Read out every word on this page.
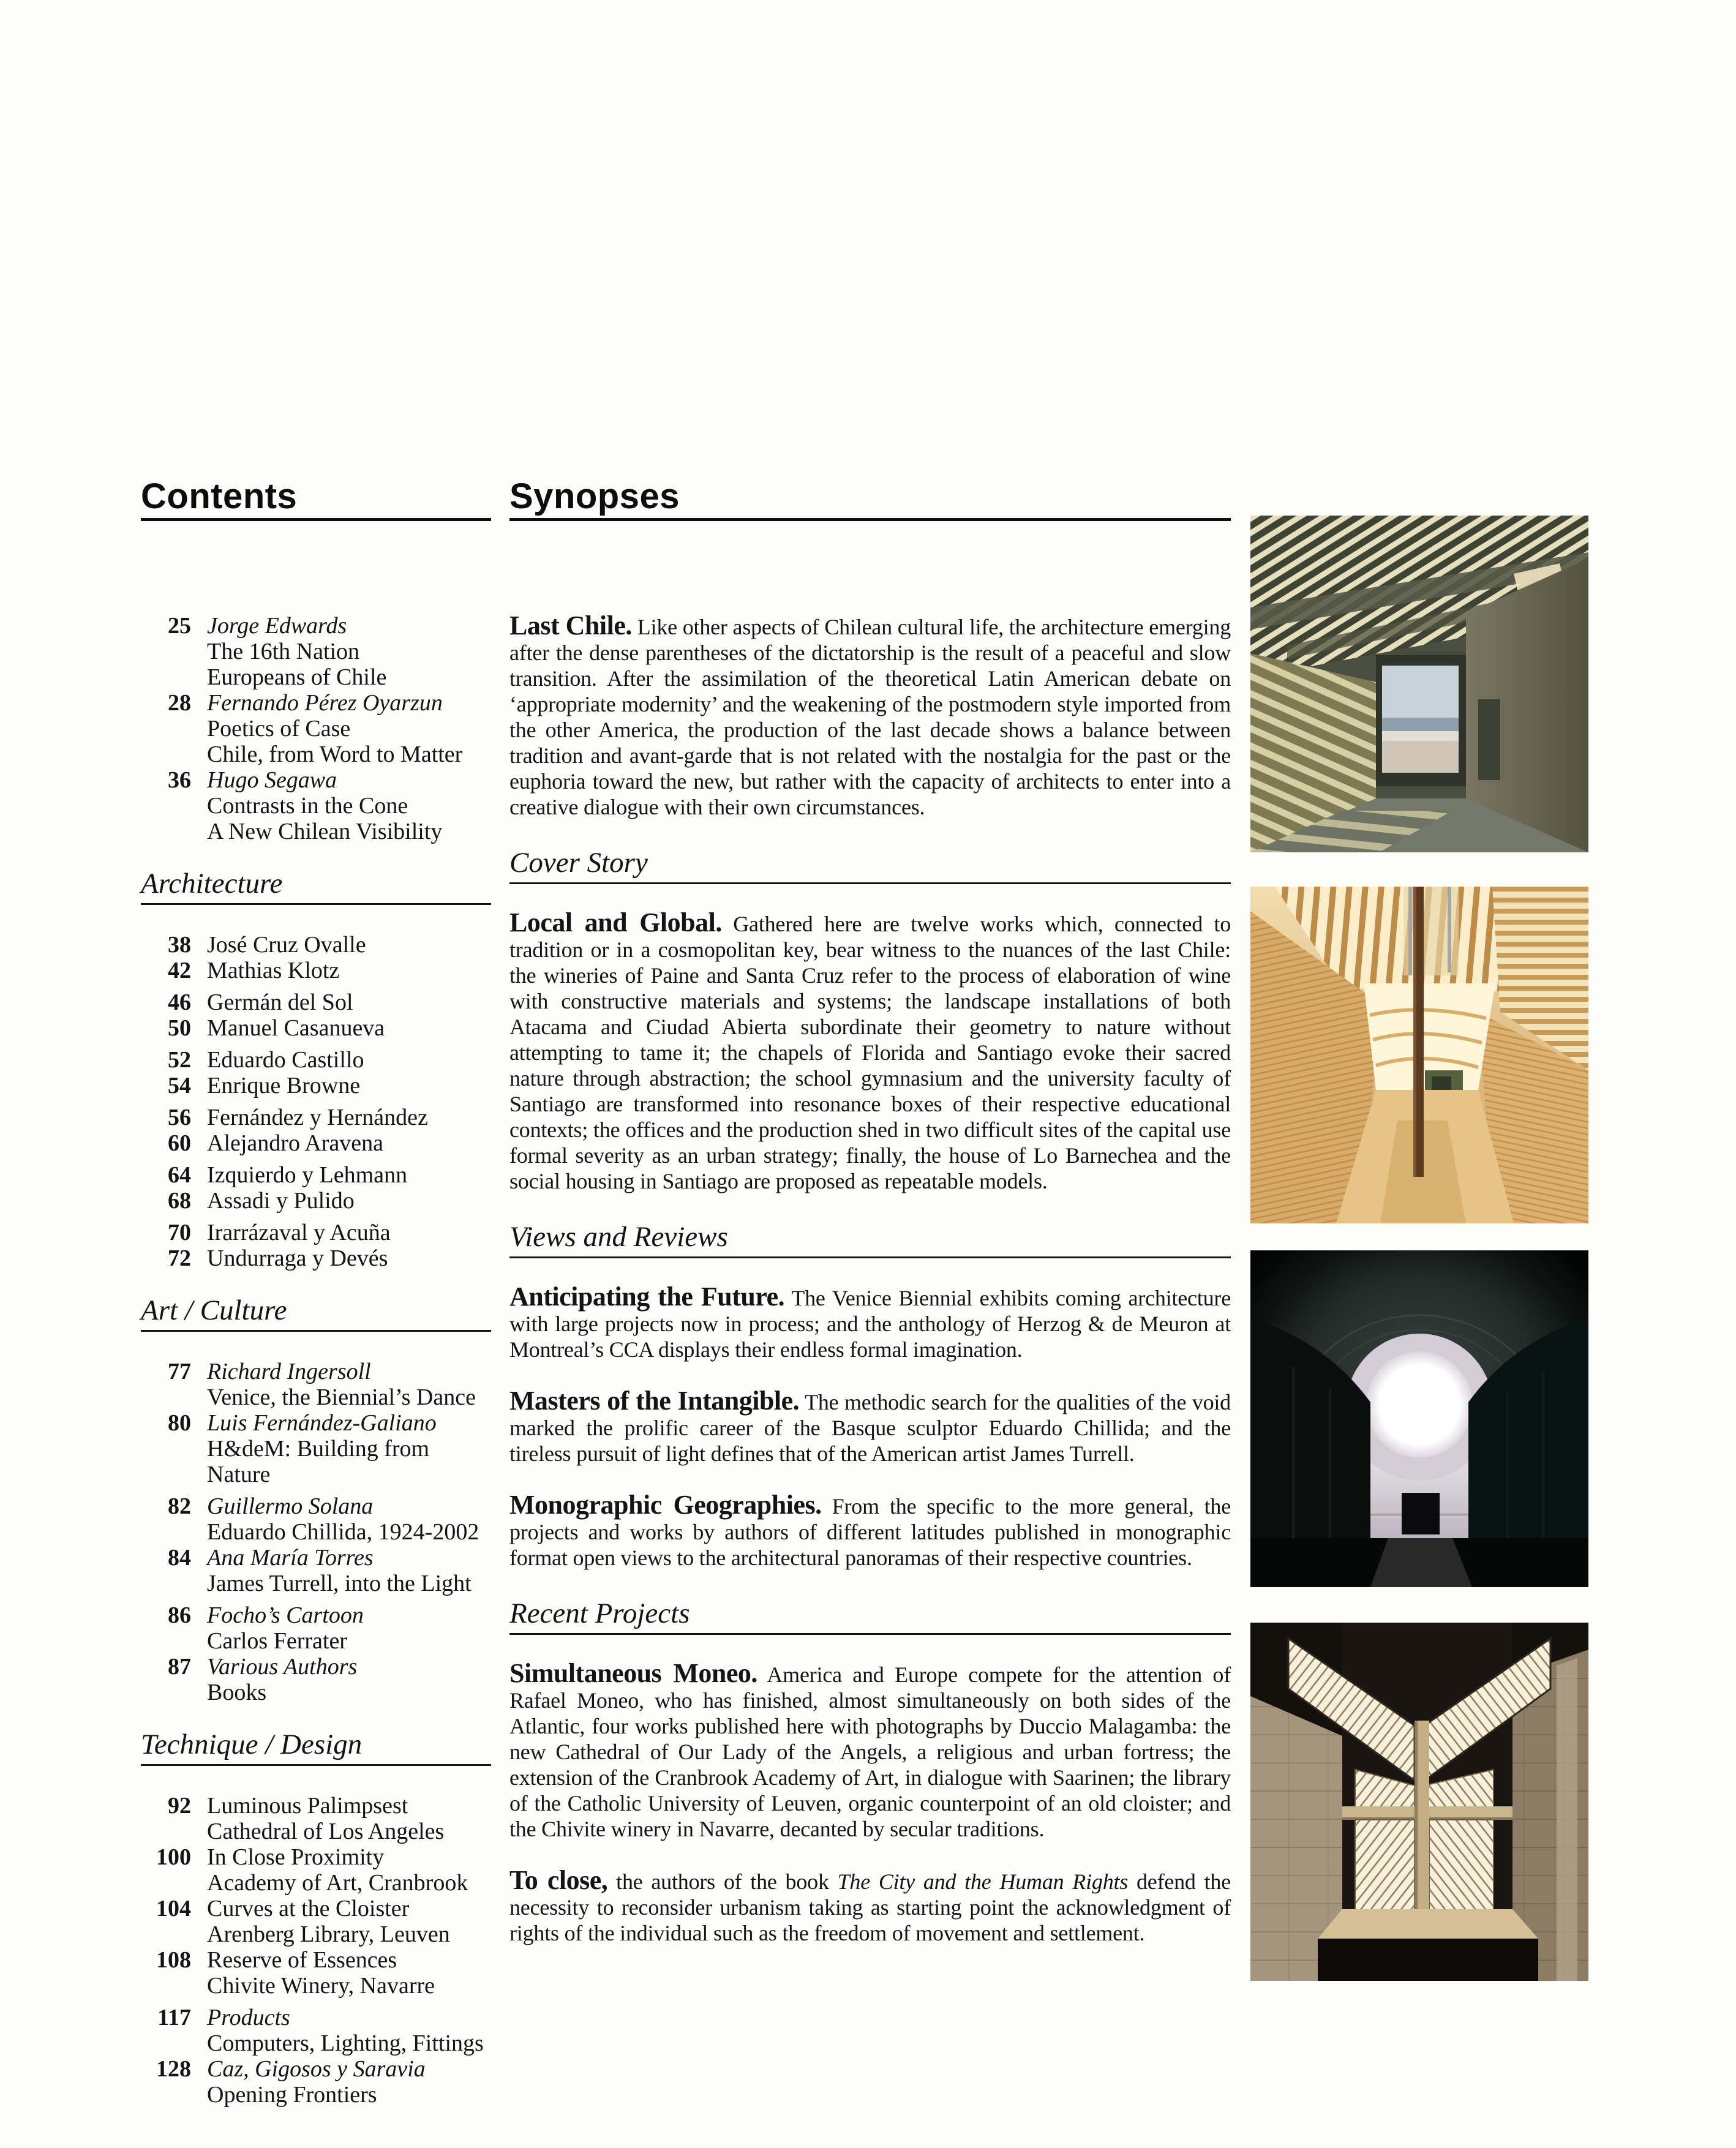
Contents
25 Jorge Edwards
The 16th Nation
Europeans of Chile
28 Fernando Pérez Oyarzun
Poetics of Case
Chile, from Word to Matter
36 Hugo Segawa
Contrasts in the Cone
A New Chilean Visibility
Architecture
38 José Cruz Ovalle
42 Mathias Klotz
46 Germán del Sol
50 Manuel Casanueva
52 Eduardo Castillo
54 Enrique Browne
56 Fernández y Hernández
60 Alejandro Aravena
64 Izquierdo y Lehmann
68 Assadi y Pulido
70 Irarrázaval y Acuña
72 Undurraga y Devés
Art / Culture
77 Richard Ingersoll
Venice, the Biennial’s Dance
80 Luis Fernández-Galiano
H&deM: Building from Nature
82 Guillermo Solana
Eduardo Chillida, 1924-2002
84 Ana María Torres
James Turrell, into the Light
86 Focho’s Cartoon
Carlos Ferrater
87 Various Authors
Books
Technique / Design
92 Luminous Palimpsest
Cathedral of Los Angeles
100 In Close Proximity
Academy of Art, Cranbrook
104 Curves at the Cloister
Arenberg Library, Leuven
108 Reserve of Essences
Chivite Winery, Navarre
117 Products
Computers, Lighting, Fittings
128 Caz, Gigosos y Saravia
Opening Frontiers
Synopses

Last Chile. Like other aspects of Chilean cultural life, the architecture emerging after the dense parentheses of the dictatorship is the result of a peaceful and slow transition. After the assimilation of the theoretical Latin American debate on ‘appropriate modernity’ and the weakening of the postmodern style imported from the other America, the production of the last decade shows a balance between tradition and avant-garde that is not related with the nostalgia for the past or the euphoria toward the new, but rather with the capacity of architects to enter into a creative dialogue with their own circumstances.

Cover Story

Local and Global. Gathered here are twelve works which, connected to tradition or in a cosmopolitan key, bear witness to the nuances of the last Chile: the wineries of Paine and Santa Cruz refer to the process of elaboration of wine with constructive materials and systems; the landscape installations of both Atacama and Ciudad Abierta subordinate their geometry to nature without attempting to tame it; the chapels of Florida and Santiago evoke their sacred nature through abstraction; the school gymnasium and the university faculty of Santiago are transformed into resonance boxes of their respective educational contexts; the offices and the production shed in two difficult sites of the capital use formal severity as an urban strategy; finally, the house of Lo Barnechea and the social housing in Santiago are proposed as repeatable models.

Views and Reviews

Anticipating the Future. The Venice Biennial exhibits coming architecture with large projects now in process; and the anthology of Herzog & de Meuron at Montreal’s CCA displays their endless formal imagination.

Masters of the Intangible. The methodic search for the qualities of the void marked the prolific career of the Basque sculptor Eduardo Chillida; and the tireless pursuit of light defines that of the American artist James Turrell.

Monographic Geographies. From the specific to the more general, the projects and works by authors of different latitudes published in monographic format open views to the architectural panoramas of their respective countries.

Recent Projects

Simultaneous Moneo. America and Europe compete for the attention of Rafael Moneo, who has finished, almost simultaneously on both sides of the Atlantic, four works published here with photographs by Duccio Malagamba: the new Cathedral of Our Lady of the Angels, a religious and urban fortress; the extension of the Cranbrook Academy of Art, in dialogue with Saarinen; the library of the Catholic University of Leuven, organic counterpoint of an old cloister; and the Chivite winery in Navarre, decanted by secular traditions.

To close, the authors of the book The City and the Human Rights defend the necessity to reconsider urbanism taking as starting point the acknowledgment of rights of the individual such as the freedom of movement and settlement.
